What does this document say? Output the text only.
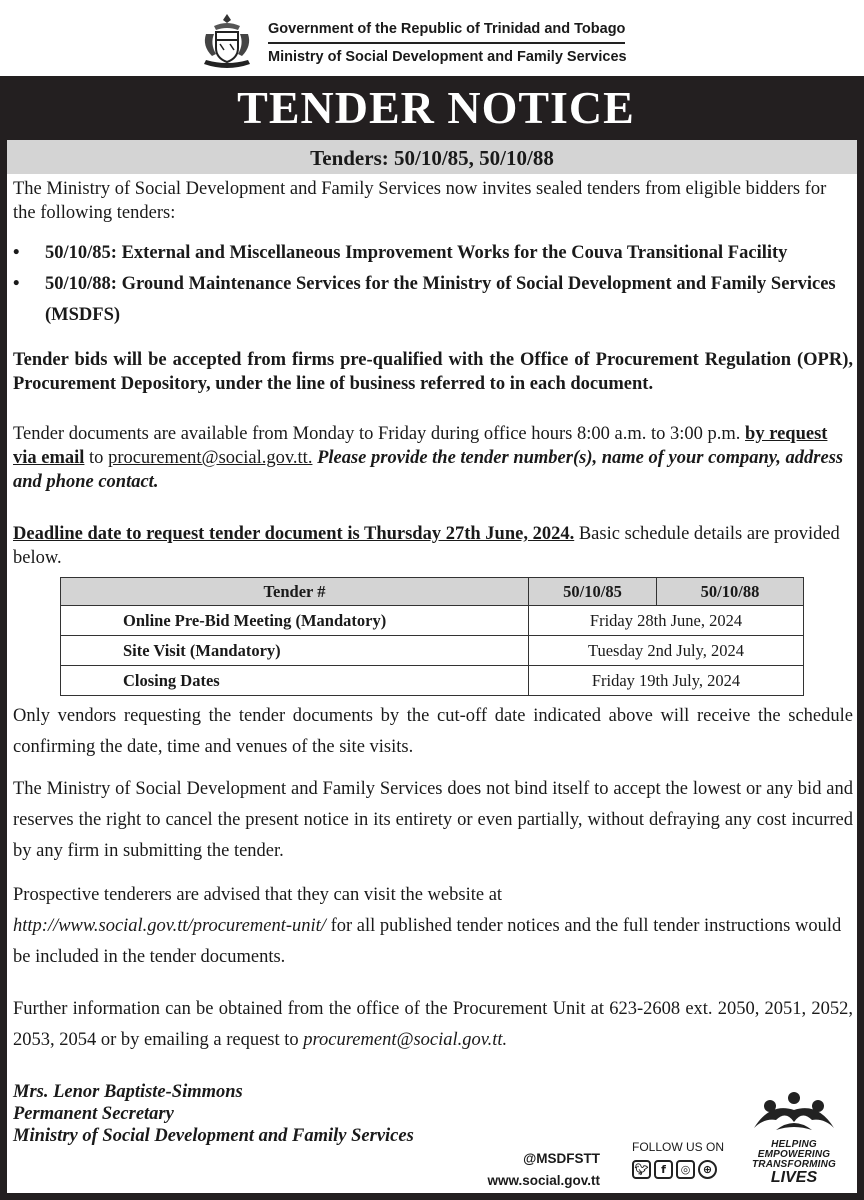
Government of the Republic of Trinidad and Tobago
Ministry of Social Development and Family Services
TENDER NOTICE
Tenders: 50/10/85, 50/10/88
The Ministry of Social Development and Family Services now invites sealed tenders from eligible bidders for the following tenders:
• 50/10/85: External and Miscellaneous Improvement Works for the Couva Transitional Facility
• 50/10/88: Ground Maintenance Services for the Ministry of Social Development and Family Services (MSDFS)
Tender bids will be accepted from firms pre-qualified with the Office of Procurement Regulation (OPR), Procurement Depository, under the line of business referred to in each document.
Tender documents are available from Monday to Friday during office hours 8:00 a.m. to 3:00 p.m. by request via email to procurement@social.gov.tt. Please provide the tender number(s), name of your company, address and phone contact.
Deadline date to request tender document is Thursday 27th June, 2024. Basic schedule details are provided below.
Tender #	50/10/85	50/10/88
Online Pre-Bid Meeting (Mandatory)	Friday 28th June, 2024	
Site Visit (Mandatory)	Tuesday 2nd July, 2024	
Closing Dates	Friday 19th July, 2024	
Only vendors requesting the tender documents by the cut-off date indicated above will receive the schedule confirming the date, time and venues of the site visits.
The Ministry of Social Development and Family Services does not bind itself to accept the lowest or any bid and reserves the right to cancel the present notice in its entirety or even partially, without defraying any cost incurred by any firm in submitting the tender.
Prospective tenderers are advised that they can visit the website at
http://www.social.gov.tt/procurement-unit/ for all published tender notices and the full tender instructions would be included in the tender documents.
Further information can be obtained from the office of the Procurement Unit at 623-2608 ext. 2050, 2051, 2052, 2053, 2054 or by emailing a request to procurement@social.gov.tt.
Mrs. Lenor Baptiste-Simmons
Permanent Secretary
Ministry of Social Development and Family Services
@MSDFSTT
www.social.gov.tt
FOLLOW US ON
🐦︎	f	◎	⊕
HELPING
EMPOWERING
TRANSFORMING
LIVES
